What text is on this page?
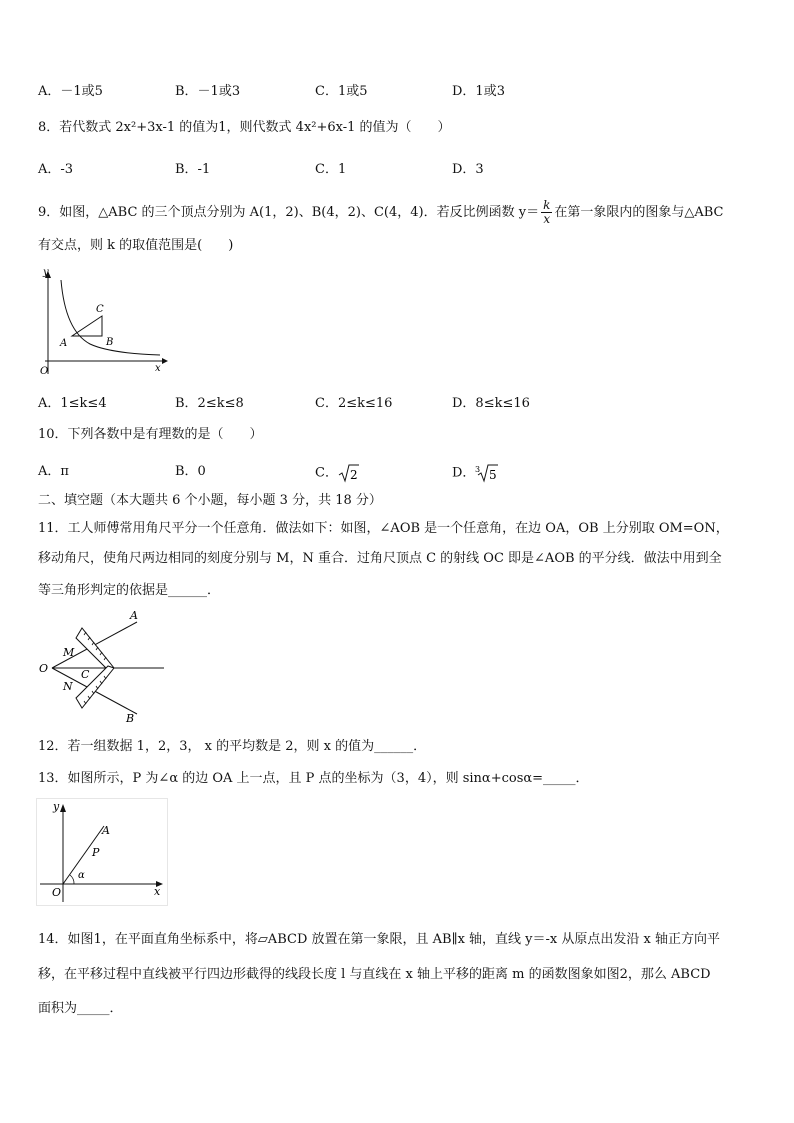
A．－1或5	B．－1或3	C．1或5	D．1或3
8．若代数式 2x²+3x-1 的值为1，则代数式 4x²+6x-1 的值为（　　）
A．-3	B．-1	C．1	D．3
9．如图，△ABC 的三个顶点分别为 A(1，2)、B(4，2)、C(4，4)．若反比例函数 $y= \frac{k}{x}$ 在第一象限内的图象与△ABC
有交点，则 k 的取值范围是(　　)
y
x
O
A	B
C
A．1≤k≤4	B．2≤k≤8	C．2≤k≤16	D．8≤k≤16
10．下列各数中是有理数的是（　　）
A．π	B．0	C． 2	D． 3 5
二、填空题（本大题共 6 个小题，每小题 3 分，共 18 分）
11．工人师傅常用角尺平分一个任意角．做法如下：如图，∠AOB 是一个任意角，在边 OA，OB 上分别取 OM=ON，
移动角尺，使角尺两边相同的刻度分别与 M，N 重合．过角尺顶点 C 的射线 OC 即是∠AOB 的平分线．做法中用到全
等三角形判定的依据是______．
O
A
B
M
N
C
12．若一组数据 1，2，3， x 的平均数是 2，则 x 的值为______．
13．如图所示，P 为∠α 的边 OA 上一点，且 P 点的坐标为（3，4），则 sinα+cosα=_____．
y
x
O
A
P
α
14．如图1，在平面直角坐标系中，将▱ABCD 放置在第一象限，且 AB∥x 轴，直线 y＝-x 从原点出发沿 x 轴正方向平
移，在平移过程中直线被平行四边形截得的线段长度 l 与直线在 x 轴上平移的距离 m 的函数图象如图2，那么 ABCD
面积为_____．
